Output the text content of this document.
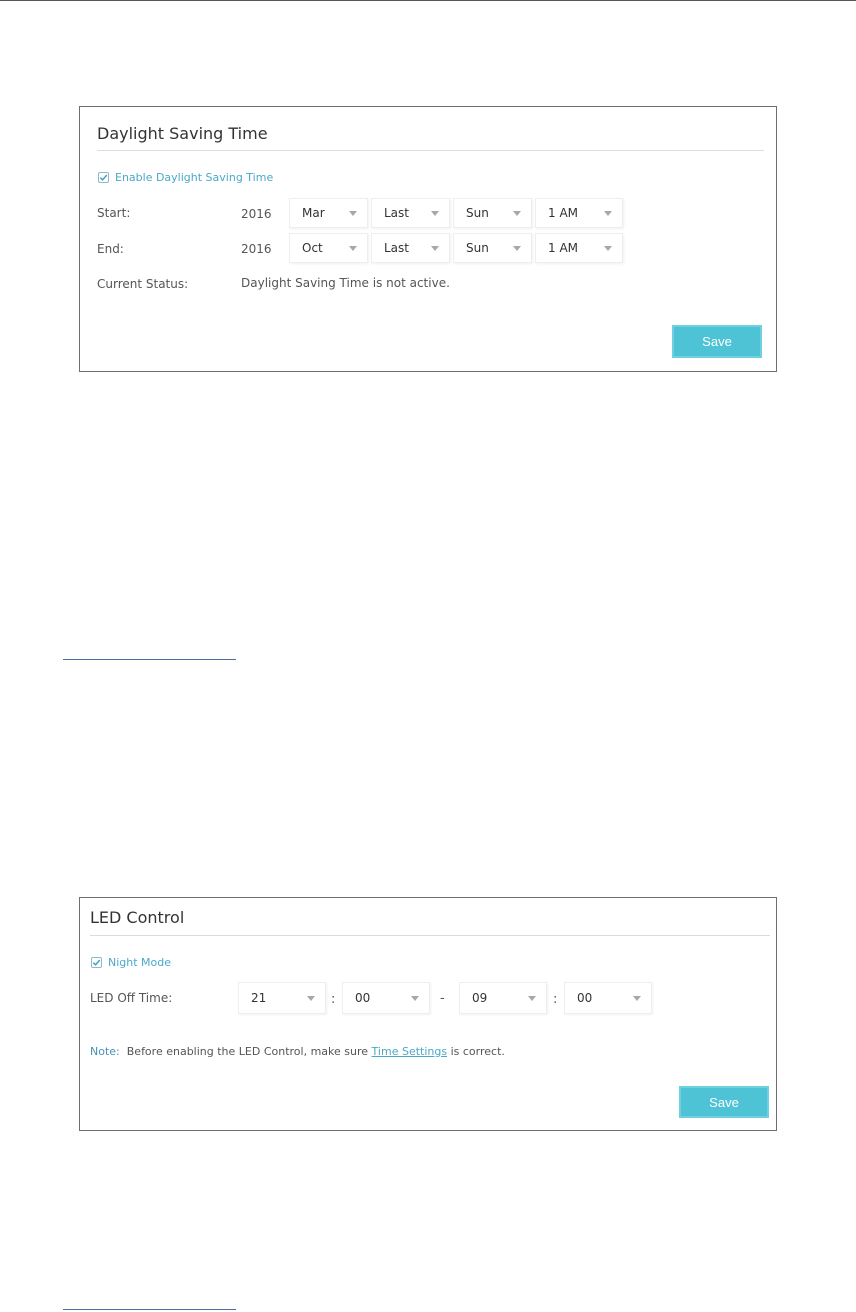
Daylight Saving Time
Enable Daylight Saving Time
Start:	2016	Mar	Last	Sun	1 AM
End:	2016	Oct	Last	Sun	1 AM
Current Status:	Daylight Saving Time is not active.
Save
LED Control
Night Mode
LED Off Time:	21	: 00	- 09	: 00
Note: Before enabling the LED Control, make sure Time Settings is correct.
Save
